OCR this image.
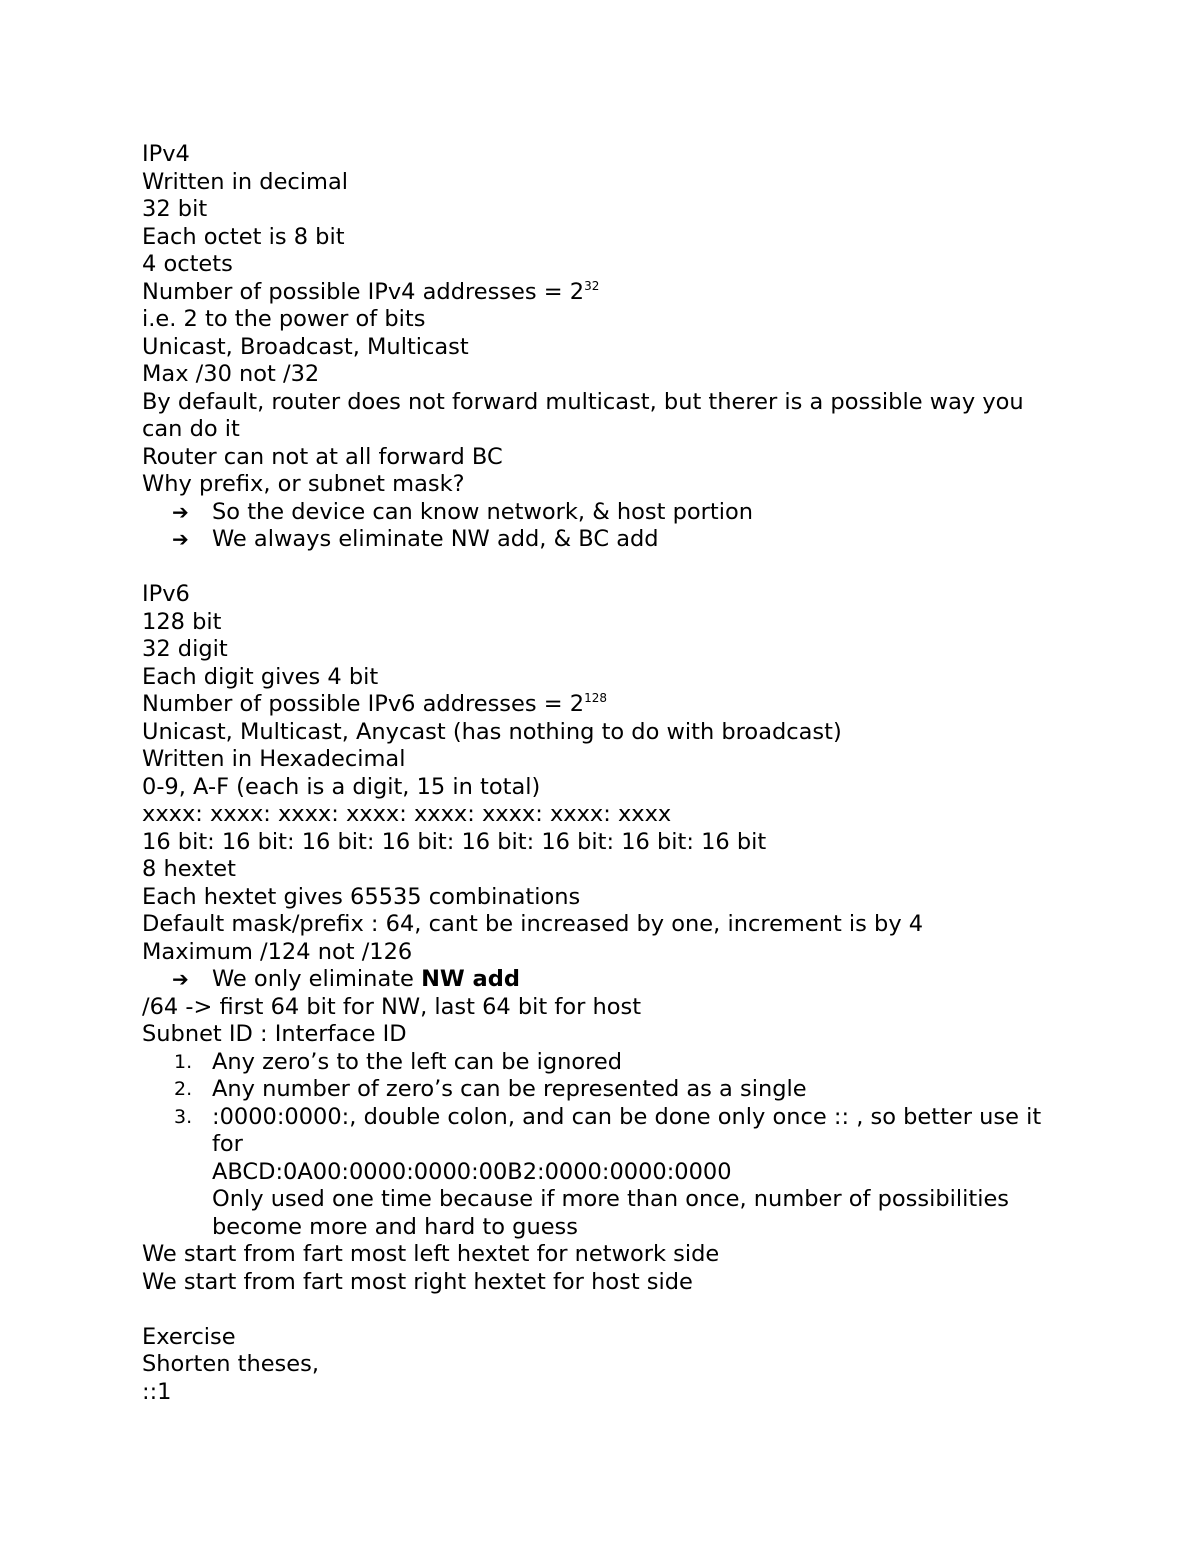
IPv4
Written in decimal
32 bit
Each octet is 8 bit
4 octets
Number of possible IPv4 addresses = $2^{32}$
i.e. 2 to the power of bits
Unicast, Broadcast, Multicast
Max /30 not /32
By default, router does not forward multicast, but therer is a possible way you can do it
Router can not at all forward BC
Why prefix, or subnet mask?
➔	So the device can know network, & host portion
➔	We always eliminate NW add, & BC add
IPv6
128 bit
32 digit
Each digit gives 4 bit
Number of possible IPv6 addresses = $2^{128}$
Unicast, Multicast, Anycast (has nothing to do with broadcast)
Written in Hexadecimal
0-9, A-F (each is a digit, 15 in total)
xxxx: xxxx: xxxx: xxxx: xxxx: xxxx: xxxx: xxxx
16 bit: 16 bit: 16 bit: 16 bit: 16 bit: 16 bit: 16 bit: 16 bit
8 hextet
Each hextet gives 65535 combinations
Default mask/prefix : 64, cant be increased by one, increment is by 4
Maximum /124 not /126
➔	We only eliminate NW add
/64 -> first 64 bit for NW, last 64 bit for host
Subnet ID : Interface ID
1. Any zero’s to the left can be ignored
2. Any number of zero’s can be represented as a single
3. :0000:0000:, double colon, and can be done only once :: , so better use it for
ABCD:0A00:0000:0000:00B2:0000:0000:0000
Only used one time because if more than once, number of possibilities become more and hard to guess
We start from fart most left hextet for network side
We start from fart most right hextet for host side
Exercise
Shorten theses,
::1
